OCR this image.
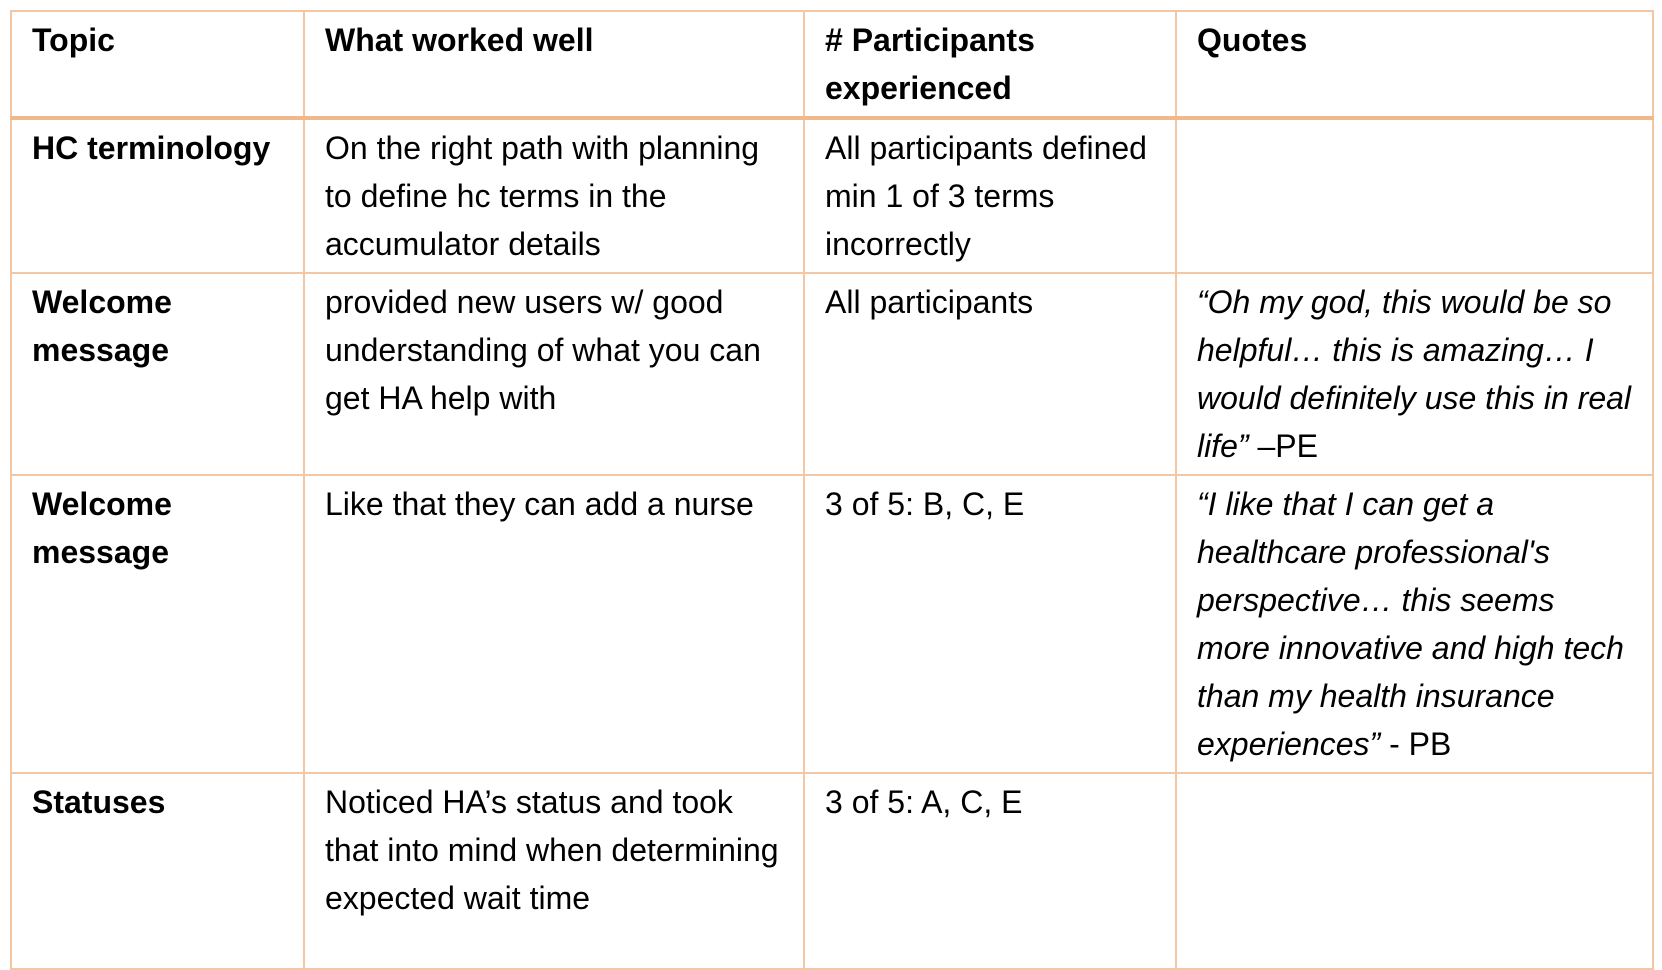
Topic	What worked well	# Participants experienced	Quotes
HC terminology	On the right path with planning to define hc terms in the accumulator details	All participants defined min 1 of 3 terms incorrectly	
Welcome message	provided new users w/ good understanding of what you can get HA help with	All participants	“Oh my god, this would be so helpful… this is amazing… I would definitely use this in real life” –PE
Welcome message	Like that they can add a nurse	3 of 5: B, C, E	“I like that I can get a healthcare professional's perspective… this seems more innovative and high tech than my health insurance experiences” - PB
Statuses	Noticed HA’s status and took that into mind when determining expected wait time	3 of 5: A, C, E	
